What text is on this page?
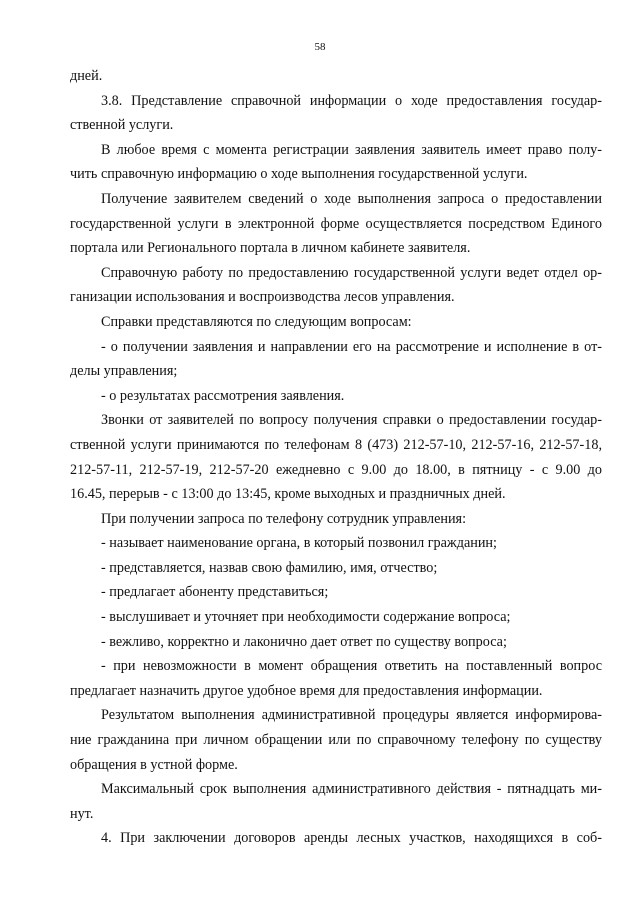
58
дней.
3.8. Представление справочной информации о ходе предоставления государ-
ственной услуги.
В любое время с момента регистрации заявления заявитель имеет право полу-
чить справочную информацию о ходе выполнения государственной услуги.
Получение заявителем сведений о ходе выполнения запроса о предоставлении
государственной услуги в электронной форме осуществляется посредством Единого
портала или Регионального портала в личном кабинете заявителя.
Справочную работу по предоставлению государственной услуги ведет отдел ор-
ганизации использования и воспроизводства лесов управления.
Справки представляются по следующим вопросам:
- о получении заявления и направлении его на рассмотрение и исполнение в от-
делы управления;
- о результатах рассмотрения заявления.
Звонки от заявителей по вопросу получения справки о предоставлении государ-
ственной услуги принимаются по телефонам 8 (473) 212-57-10, 212-57-16, 212-57-18,
212-57-11, 212-57-19, 212-57-20 ежедневно с 9.00 до 18.00, в пятницу - с 9.00 до
16.45, перерыв - с 13:00 до 13:45, кроме выходных и праздничных дней.
При получении запроса по телефону сотрудник управления:
- называет наименование органа, в который позвонил гражданин;
- представляется, назвав свою фамилию, имя, отчество;
- предлагает абоненту представиться;
- выслушивает и уточняет при необходимости содержание вопроса;
- вежливо, корректно и лаконично дает ответ по существу вопроса;
- при невозможности в момент обращения ответить на поставленный вопрос
предлагает назначить другое удобное время для предоставления информации.
Результатом выполнения административной процедуры является информирова-
ние гражданина при личном обращении или по справочному телефону по существу
обращения в устной форме.
Максимальный срок выполнения административного действия - пятнадцать ми-
нут.
4. При заключении договоров аренды лесных участков, находящихся в соб-
